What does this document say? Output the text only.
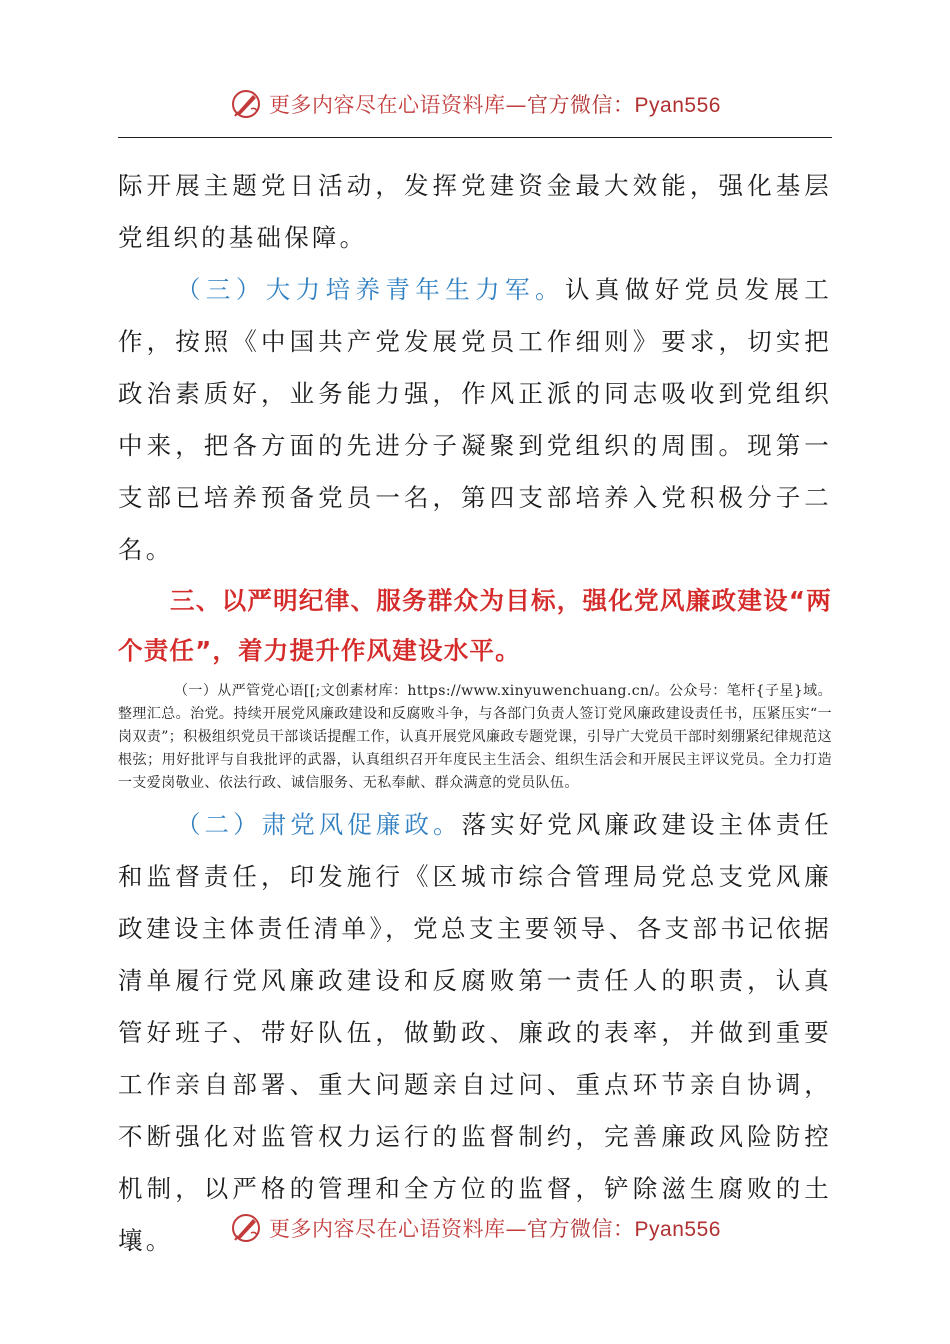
更多内容尽在心语资料库—官方微信：Pyan556

际开展主题党日活动，发挥党建资金最大效能，强化基层党组织的基础保障。

（三）大力培养青年生力军。认真做好党员发展工作，按照《中国共产党发展党员工作细则》要求，切实把政治素质好，业务能力强，作风正派的同志吸收到党组织中来，把各方面的先进分子凝聚到党组织的周围。现第一支部已培养预备党员一名，第四支部培养入党积极分子二名。

三、以严明纪律、服务群众为目标，强化党风廉政建设“两个责任”，着力提升作风建设水平。

（一）从严管党心语[[;文创素材库：https://www.xinyuwenchuang.cn/。公众号：笔杆{子星}域。整理汇总。治党。持续开展党风廉政建设和反腐败斗争，与各部门负责人签订党风廉政建设责任书，压紧压实“一岗双责”；积极组织党员干部谈话提醒工作，认真开展党风廉政专题党课，引导广大党员干部时刻绷紧纪律规范这根弦；用好批评与自我批评的武器，认真组织召开年度民主生活会、组织生活会和开展民主评议党员。全力打造一支爱岗敬业、依法行政、诚信服务、无私奉献、群众满意的党员队伍。

（二）肃党风促廉政。落实好党风廉政建设主体责任和监督责任，印发施行《区城市综合管理局党总支党风廉政建设主体责任清单》，党总支主要领导、各支部书记依据清单履行党风廉政建设和反腐败第一责任人的职责，认真管好班子、带好队伍，做勤政、廉政的表率，并做到重要工作亲自部署、重大问题亲自过问、重点环节亲自协调，不断强化对监管权力运行的监督制约，完善廉政风险防控机制，以严格的管理和全方位的监督，铲除滋生腐败的土壤。	更多内容尽在心语资料库—官方微信：Pyan556
